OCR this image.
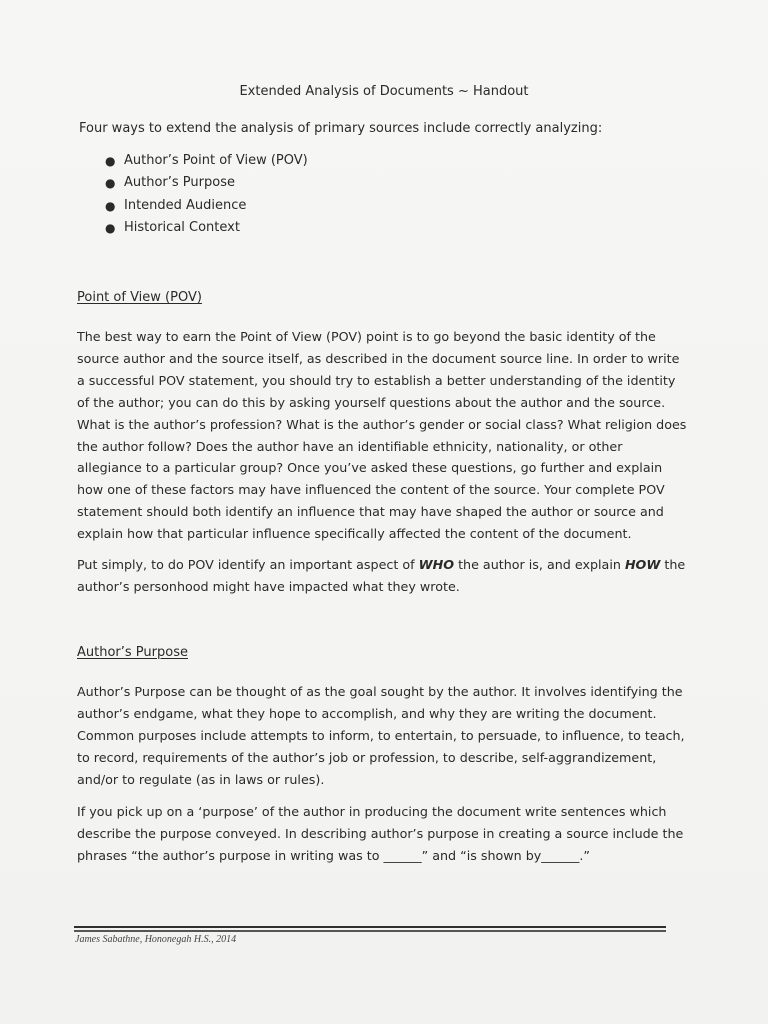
Extended Analysis of Documents ~ Handout
Four ways to extend the analysis of primary sources include correctly analyzing:
● Author’s Point of View (POV)
● Author’s Purpose
● Intended Audience
● Historical Context
Point of View (POV)

The best way to earn the Point of View (POV) point is to go beyond the basic identity of the

source author and the source itself, as described in the document source line. In order to write

a successful POV statement, you should try to establish a better understanding of the identity

of the author; you can do this by asking yourself questions about the author and the source.

What is the author’s profession? What is the author’s gender or social class? What religion does

the author follow? Does the author have an identifiable ethnicity, nationality, or other

allegiance to a particular group? Once you’ve asked these questions, go further and explain

how one of these factors may have influenced the content of the source. Your complete POV

statement should both identify an influence that may have shaped the author or source and

explain how that particular influence specifically affected the content of the document.

Put simply, to do POV identify an important aspect of WHO the author is, and explain HOW the

author’s personhood might have impacted what they wrote.

Author’s Purpose

Author’s Purpose can be thought of as the goal sought by the author. It involves identifying the

author’s endgame, what they hope to accomplish, and why they are writing the document.

Common purposes include attempts to inform, to entertain, to persuade, to influence, to teach,

to record, requirements of the author’s job or profession, to describe, self-aggrandizement,

and/or to regulate (as in laws or rules).

If you pick up on a ‘purpose’ of the author in producing the document write sentences which

describe the purpose conveyed. In describing author’s purpose in creating a source include the

phrases “the author’s purpose in writing was to ______” and “is shown by______.”

James Sabathne, Hononegah H.S., 2014
